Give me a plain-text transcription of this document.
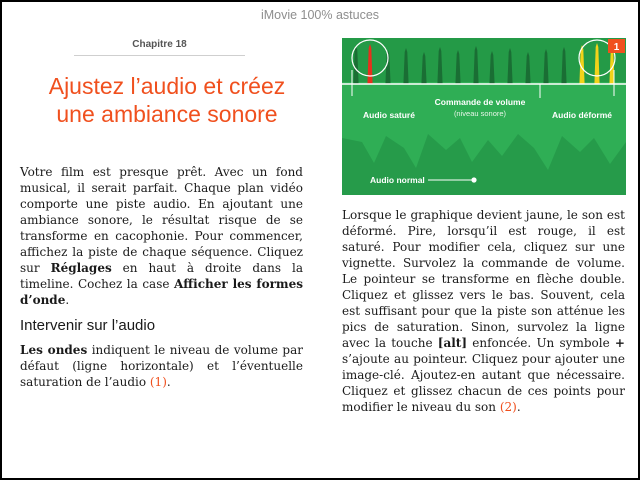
iMovie 100% astuces
Chapitre 18
Ajustez l’audio et créez
une ambiance sonore

Votre film est presque prêt. Avec un fond musical, il serait parfait. Chaque plan vidéo comporte une piste audio. En ajoutant une ambiance sonore, le résultat risque de se transforme en cacophonie. Pour commencer, affichez la piste de chaque séquence. Cliquez sur Réglages en haut à droite dans la timeline. Cochez la case Afficher les formes d’onde.

Intervenir sur l’audio

Les ondes indiquent le niveau de volume par défaut (ligne horizontale) et l’éventuelle saturation de l’audio (1).

Lorsque le graphique devient jaune, le son est déformé. Pire, lorsqu’il est rouge, il est saturé. Pour modifier cela, cliquez sur une vignette. Survolez la commande de volume. Le pointeur se transforme en flèche double. Cliquez et glissez vers le bas. Souvent, cela est suffisant pour que la piste son atténue les pics de saturation. Sinon, survolez la ligne avec la touche [alt] enfoncée. Un symbole + s’ajoute au pointeur. Cliquez pour ajouter une image-clé. Ajoutez-en autant que nécessaire. Cliquez et glissez chacun de ces points pour modifier le niveau du son (2).

1
Audio saturé
Commande de volume
(niveau sonore)	Audio déformé
Audio normal
